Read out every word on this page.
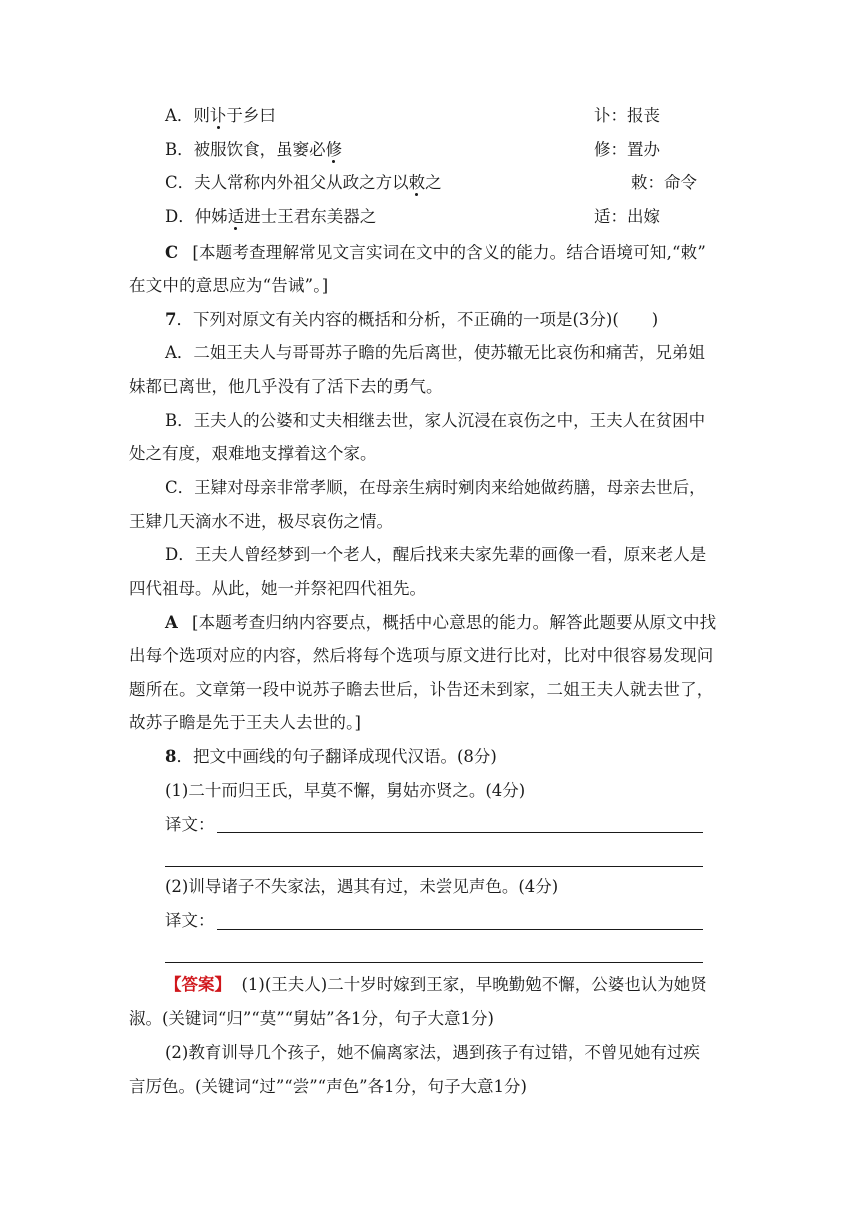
A．则讣于乡曰	讣：报丧
B．被服饮食，虽窭必修	修：置办
C．夫人常称内外祖父从政之方以敕之	敕：命令
D．仲姊适进士王君东美器之	适：出嫁
C [本题考查理解常见文言实词在文中的含义的能力。结合语境可知,“敕”
在文中的意思应为“告诫”。]
7．下列对原文有关内容的概括和分析，不正确的一项是(3分)(　　)
A．二姐王夫人与哥哥苏子瞻的先后离世，使苏辙无比哀伤和痛苦，兄弟姐
妹都已离世，他几乎没有了活下去的勇气。
B．王夫人的公婆和丈夫相继去世，家人沉浸在哀伤之中，王夫人在贫困中
处之有度，艰难地支撑着这个家。
C．王肄对母亲非常孝顺，在母亲生病时剜肉来给她做药膳，母亲去世后，
王肄几天滴水不进，极尽哀伤之情。
D．王夫人曾经梦到一个老人，醒后找来夫家先辈的画像一看，原来老人是
四代祖母。从此，她一并祭祀四代祖先。
A [本题考查归纳内容要点，概括中心意思的能力。解答此题要从原文中找
出每个选项对应的内容，然后将每个选项与原文进行比对，比对中很容易发现问
题所在。文章第一段中说苏子瞻去世后，讣告还未到家，二姐王夫人就去世了，
故苏子瞻是先于王夫人去世的。]
8．把文中画线的句子翻译成现代汉语。(8分)
(1)二十而归王氏，早莫不懈，舅姑亦贤之。(4分)
译文：
(2)训导诸子不失家法，遇其有过，未尝见声色。(4分)
译文：
【答案】 (1)(王夫人)二十岁时嫁到王家，早晚勤勉不懈，公婆也认为她贤
淑。(关键词“归”“莫”“舅姑”各1分，句子大意1分)
(2)教育训导几个孩子，她不偏离家法，遇到孩子有过错，不曾见她有过疾
言厉色。(关键词“过”“尝”“声色”各1分，句子大意1分)
